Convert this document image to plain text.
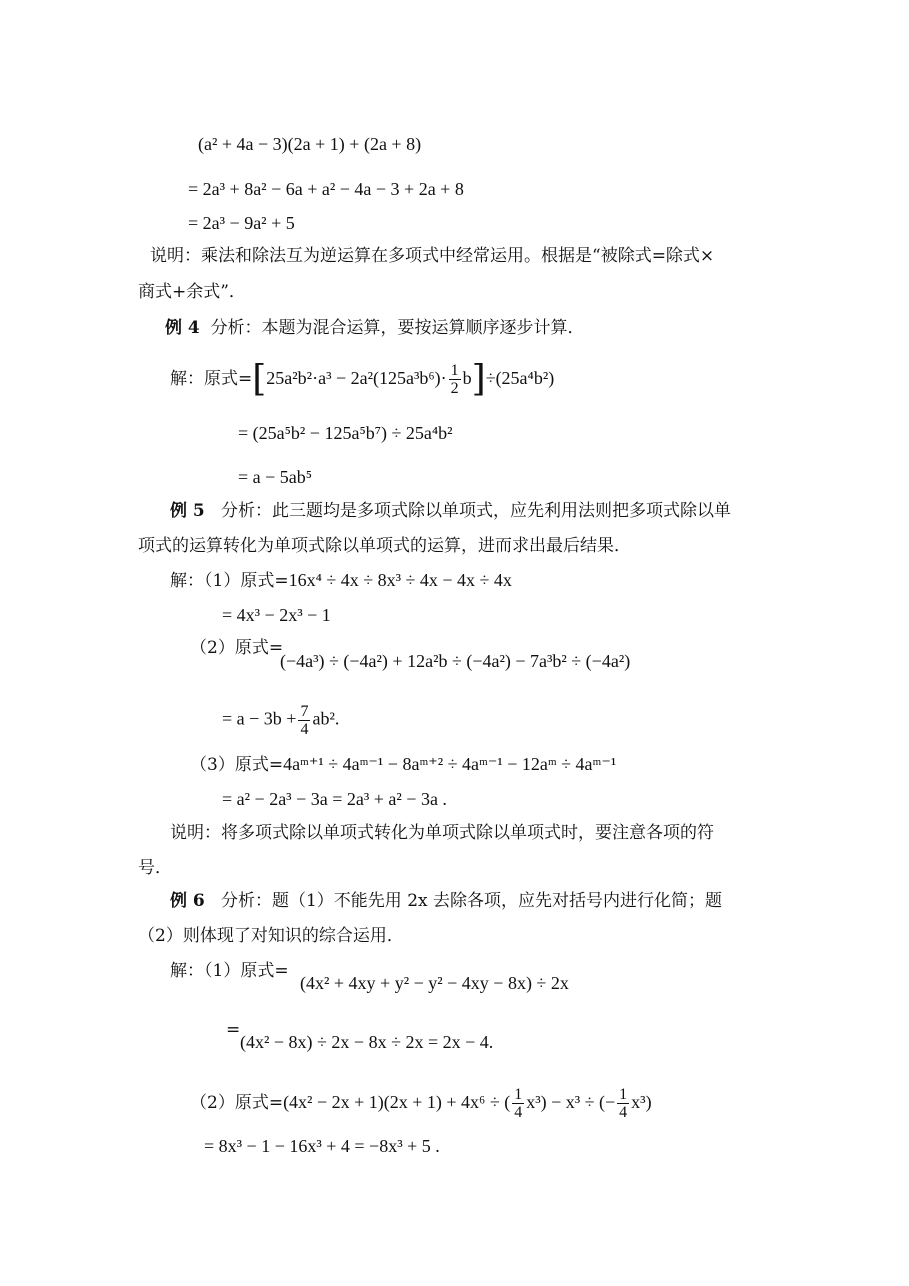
(a² + 4a − 3)(2a + 1) + (2a + 8)
= 2a³ + 8a² − 6a + a² − 4a − 3 + 2a + 8
= 2a³ − 9a² + 5
说明：乘法和除法互为逆运算在多项式中经常运用。根据是“被除式=除式×
商式+余式”．
例 4 分析：本题为混合运算，要按运算顺序逐步计算．
解：原式$=[25a^2b^2\cdot a^3 - 2a^2(125a^3b^6)\cdot \frac{1}{2} b]\div(25a^4b^2)$
= (25a⁵b² − 125a⁵b⁷) ÷ 25a⁴b²
= a − 5ab⁵
例 5 分析：此三题均是多项式除以单项式，应先利用法则把多项式除以单
项式的运算转化为单项式除以单项式的运算，进而求出最后结果．
解：（1）原式=16x⁴ ÷ 4x ÷ 8x³ ÷ 4x − 4x ÷ 4x
= 4x³ − 2x³ − 1
（2）原式=
(−4a³) ÷ (−4a²) + 12a²b ÷ (−4a²) − 7a³b² ÷ (−4a²)
= $a - 3b + \frac{7}{4} ab^2$.
（3）原式=4aᵐ⁺¹ ÷ 4aᵐ⁻¹ − 8aᵐ⁺² ÷ 4aᵐ⁻¹ − 12aᵐ ÷ 4aᵐ⁻¹
= a² − 2a³ − 3a = 2a³ + a² − 3a .
说明：将多项式除以单项式转化为单项式除以单项式时，要注意各项的符
号．
例 6 分析：题（1）不能先用 2x 去除各项，应先对括号内进行化简；题
（2）则体现了对知识的综合运用．
解：（1）原式=
(4x² + 4xy + y² − y² − 4xy − 8x) ÷ 2x
=
(4x² − 8x) ÷ 2x − 8x ÷ 2x = 2x − 4.
（2）原式=(4x² − 2x + 1)(2x + 1) + 4x⁶ ÷ ( $\frac{1}{4} x^3) - x^3$ ÷ (− $\frac{1}{4} x^3$)
= 8x³ − 1 − 16x³ + 4 = −8x³ + 5 .
